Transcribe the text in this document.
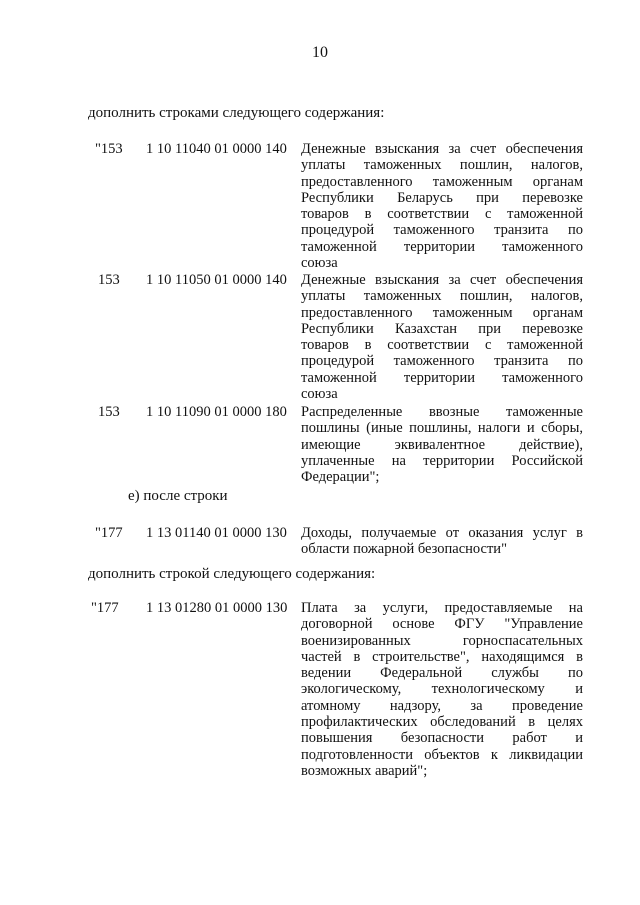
10
дополнить строками следующего содержания:
"153 1 10 11040 01 0000 140 Денежные взыскания за счет обеспечения
уплаты таможенных пошлин, налогов,
предоставленного таможенным органам
Республики Беларусь при перевозке
товаров в соответствии с таможенной
процедурой таможенного транзита по
таможенной территории таможенного
союза
153 1 10 11050 01 0000 140 Денежные взыскания за счет обеспечения
уплаты таможенных пошлин, налогов,
предоставленного таможенным органам
Республики Казахстан при перевозке
товаров в соответствии с таможенной
процедурой таможенного транзита по
таможенной территории таможенного
союза
153 1 10 11090 01 0000 180 Распределенные ввозные таможенные
пошлины (иные пошлины, налоги и сборы,
имеющие эквивалентное действие),
уплаченные на территории Российской
Федерации";
е) после строки
"177 1 13 01140 01 0000 130 Доходы, получаемые от оказания услуг в
области пожарной безопасности"
дополнить строкой следующего содержания:
"177 1 13 01280 01 0000 130 Плата за услуги, предоставляемые на
договорной основе ФГУ "Управление
военизированных горноспасательных
частей в строительстве", находящимся в
ведении Федеральной службы по
экологическому, технологическому и
атомному надзору, за проведение
профилактических обследований в целях
повышения безопасности работ и
подготовленности объектов к ликвидации
возможных аварий";
